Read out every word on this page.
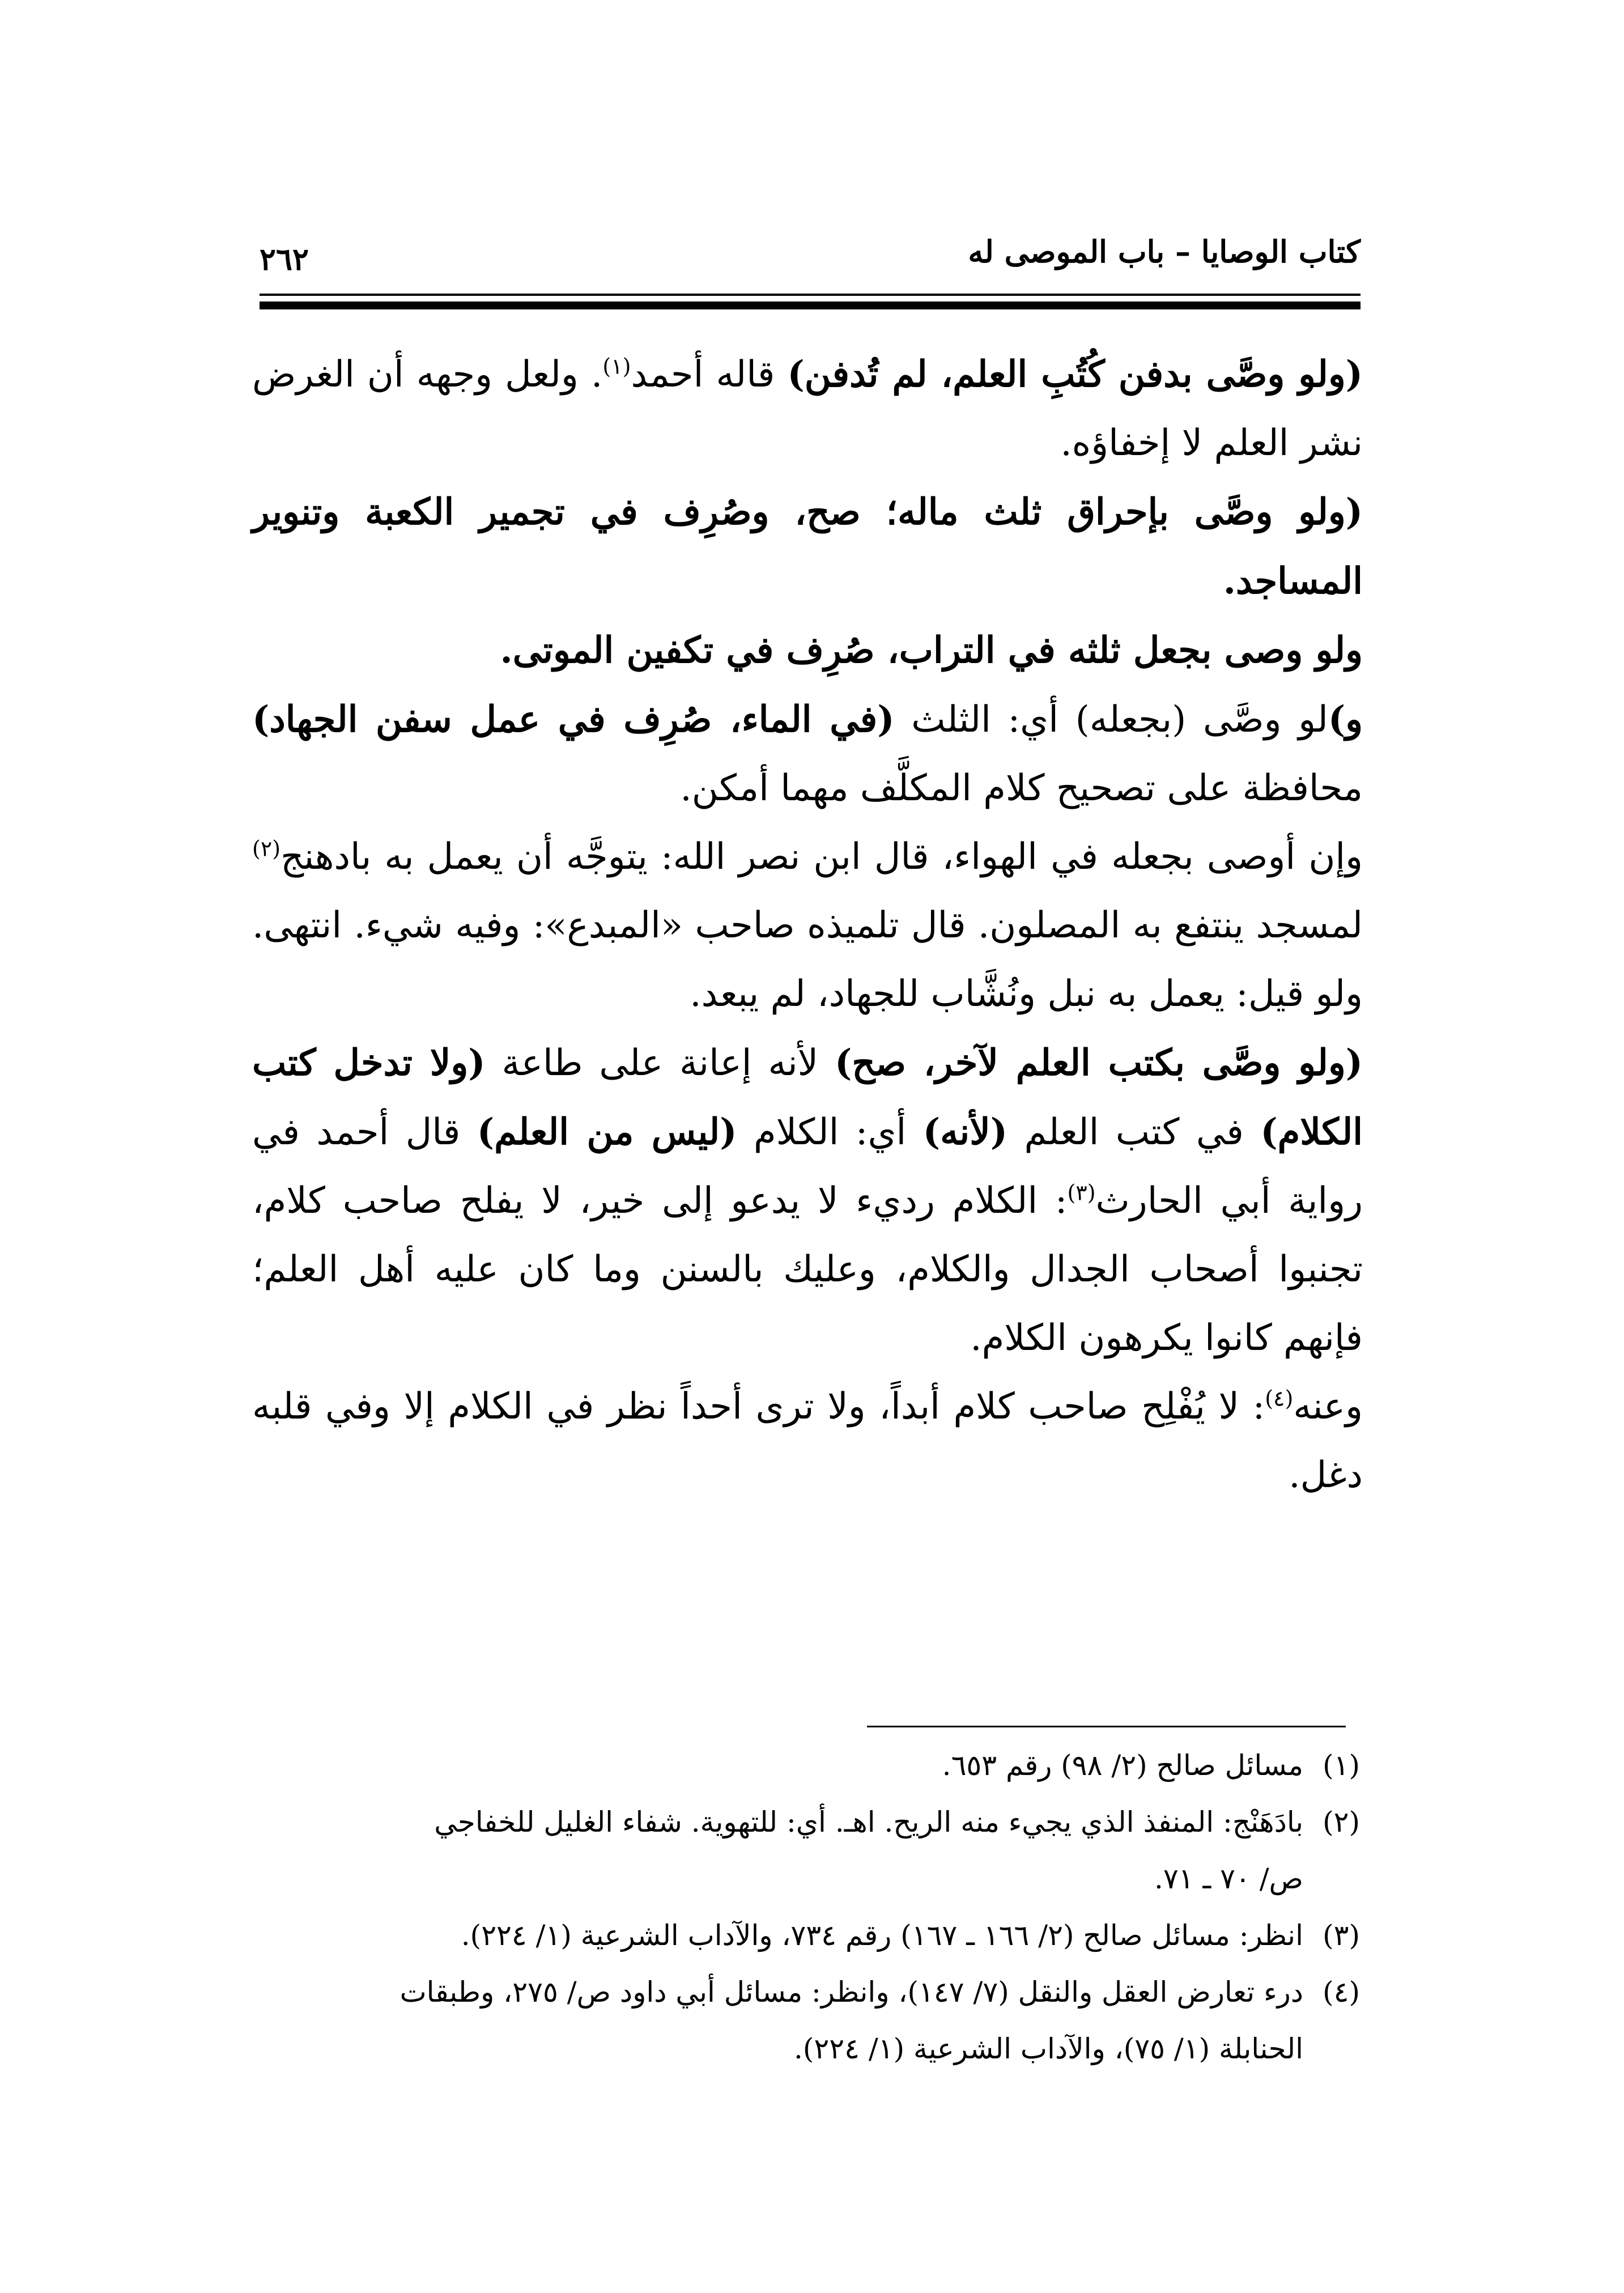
كتاب الوصايا – باب الموصى له
٢٦٢

(ولو وصَّى بدفن كُتُبِ العلم، لم تُدفن) قاله أحمد$^{(١)}$. ولعل وجهه أن الغرض نشر العلم لا إخفاؤه.

(ولو وصَّى بإحراق ثلث ماله؛ صح، وصُرِف في تجمير الكعبة وتنوير المساجد.

ولو وصى بجعل ثلثه في التراب، صُرِف في تكفين الموتى.

و)لو وصَّى (بجعله) أي: الثلث (في الماء، صُرِف في عمل سفن الجهاد) محافظة على تصحيح كلام المكلَّف مهما أمكن.

وإن أوصى بجعله في الهواء، قال ابن نصر الله: يتوجَّه أن يعمل به بادهنج$^{(٢)}$ لمسجد ينتفع به المصلون. قال تلميذه صاحب «المبدع»: وفيه شيء. انتهى. ولو قيل: يعمل به نبل ونُشَّاب للجهاد، لم يبعد.

(ولو وصَّى بكتب العلم لآخر، صح) لأنه إعانة على طاعة (ولا تدخل كتب الكلام) في كتب العلم (لأنه) أي: الكلام (ليس من العلم) قال أحمد في رواية أبي الحارث$^{(٣)}$: الكلام رديء لا يدعو إلى خير، لا يفلح صاحب كلام، تجنبوا أصحاب الجدال والكلام، وعليك بالسنن وما كان عليه أهل العلم؛ فإنهم كانوا يكرهون الكلام.

وعنه$^{(٤)}$: لا يُفْلِح صاحب كلام أبداً، ولا ترى أحداً نظر في الكلام إلا وفي قلبه دغل.

(١)مسائل صالح (٢/ ٩٨) رقم ٦٥٣.

(٢)بادَهَنْج: المنفذ الذي يجيء منه الريح. اهـ. أي: للتهوية. شفاء الغليل للخفاجي

ص/ ٧٠ ـ ٧١.

(٣)انظر: مسائل صالح (٢/ ١٦٦ ـ ١٦٧) رقم ٧٣٤، والآداب الشرعية (١/ ٢٢٤).

(٤)درء تعارض العقل والنقل (٧/ ١٤٧)، وانظر: مسائل أبي داود ص/ ٢٧٥، وطبقات

الحنابلة (١/ ٧٥)، والآداب الشرعية (١/ ٢٢٤).
